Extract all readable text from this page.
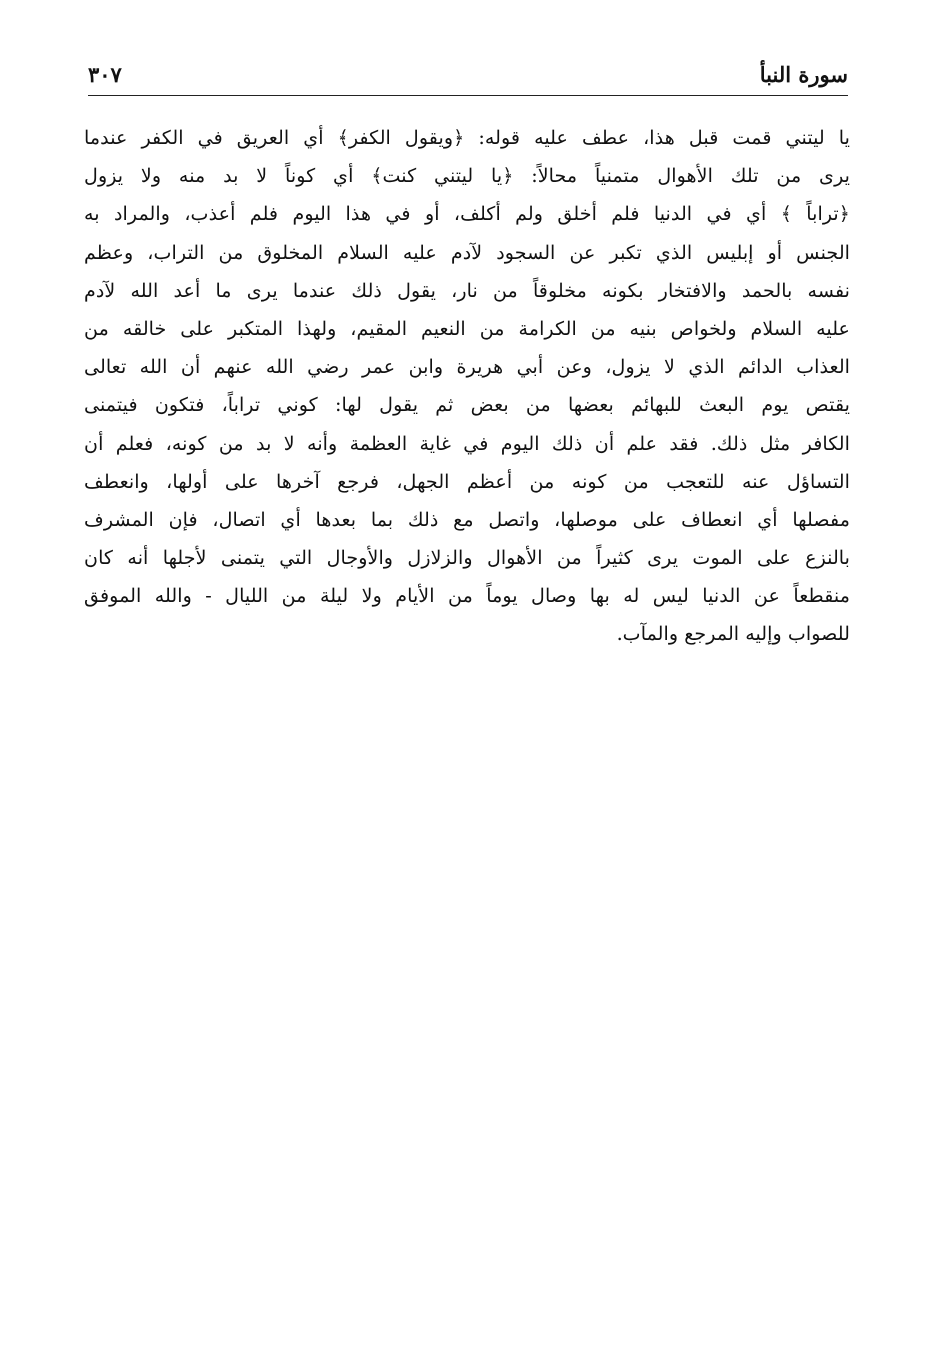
سورة النبأ
٣٠٧
يا ليتني قمت قبل هذا، عطف عليه قوله: ﴿ويقول الكفر﴾ أي العريق في الكفر عندما
يرى من تلك الأهوال متمنياً محالاً: ﴿يا ليتني كنت﴾ أي كوناً لا بد منه ولا يزول
﴿تراباً ﴾ أي في الدنيا فلم أخلق ولم أكلف، أو في هذا اليوم فلم أعذب، والمراد به
الجنس أو إبليس الذي تكبر عن السجود لآدم عليه السلام المخلوق من التراب، وعظم
نفسه بالحمد والافتخار بكونه مخلوقاً من نار، يقول ذلك عندما يرى ما أعد الله لآدم
عليه السلام ولخواص بنيه من الكرامة من النعيم المقيم، ولهذا المتكبر على خالقه من
العذاب الدائم الذي لا يزول، وعن أبي هريرة وابن عمر رضي الله عنهم أن الله تعالى
يقتص يوم البعث للبهائم بعضها من بعض ثم يقول لها: كوني تراباً، فتكون فيتمنى
الكافر مثل ذلك. فقد علم أن ذلك اليوم في غاية العظمة وأنه لا بد من كونه، فعلم أن
التساؤل عنه للتعجب من كونه من أعظم الجهل، فرجع آخرها على أولها، وانعطف
مفصلها أي انعطاف على موصلها، واتصل مع ذلك بما بعدها أي اتصال، فإن المشرف
بالنزع على الموت يرى كثيراً من الأهوال والزلازل والأوجال التي يتمنى لأجلها أنه كان
منقطعاً عن الدنيا ليس له بها وصال يوماً من الأيام ولا ليلة من الليال - والله الموفق
للصواب وإليه المرجع والمآب.
